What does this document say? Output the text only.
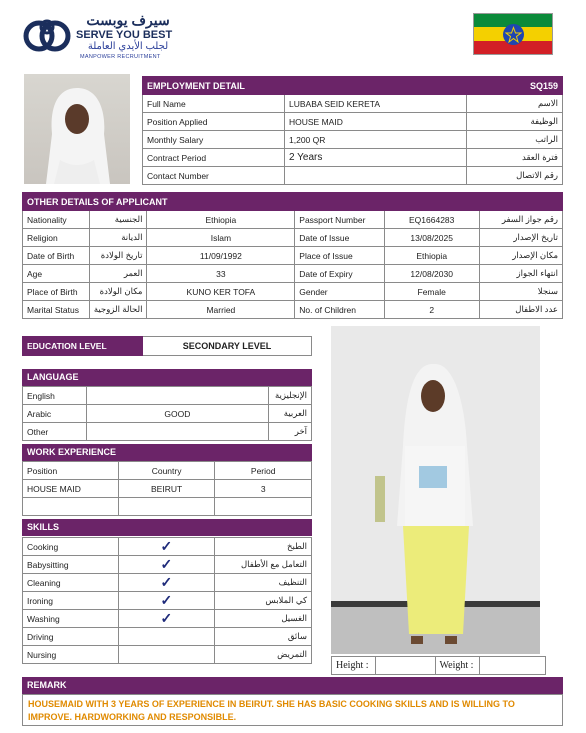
سيرف يوبست
SERVE YOU BEST
لجلب الأيدي العاملة
MANPOWER RECRUITMENT
EMPLOYMENT DETAIL		SQ159
Full Name	LUBABA SEID KERETA	الاسم
Position Applied	HOUSE MAID	الوظيفة
Monthly Salary	1,200 QR	الراتب
Contract Period	2 Years	فترة العقد
Contact Number		رقم الاتصال
OTHER DETAILS OF APPLICANT					
Nationality	الجنسية	Ethiopia	Passport Number	EQ1664283	رقم جواز السفر
Religion	الديانة	Islam	Date of Issue	13/08/2025	تاريخ الإصدار
Date of Birth	تاريخ الولادة	11/09/1992	Place of Issue	Ethiopia	مكان الإصدار
Age	العمر	33	Date of Expiry	12/08/2030	انتهاء الجواز
Place of Birth	مكان الولادة	KUNO KER TOFA	Gender	Female	سنجلا
Marital Status	الحالة الزوجية	Married	No. of Children	2	عدد الاطفال
EDUCATION LEVEL	SECONDARY LEVEL
LANGUAGE
English		الإنجليزية
Arabic	GOOD	العربية
Other		آخر
WORK EXPERIENCE
Position	Country	Period
HOUSE MAID	BEIRUT	3

SKILLS
Cooking	✓	الطبخ
Babysitting	✓	التعامل مع الأطفال
Cleaning	✓	التنظيف
Ironing	✓	كي الملابس
Washing	✓	الغسيل
Driving		سائق
Nursing		التمريض
Height :		Weight :	
REMARK
HOUSEMAID WITH 3 YEARS OF EXPERIENCE IN BEIRUT. SHE HAS BASIC COOKING SKILLS AND IS WILLING TO IMPROVE. HARDWORKING AND RESPONSIBLE.
